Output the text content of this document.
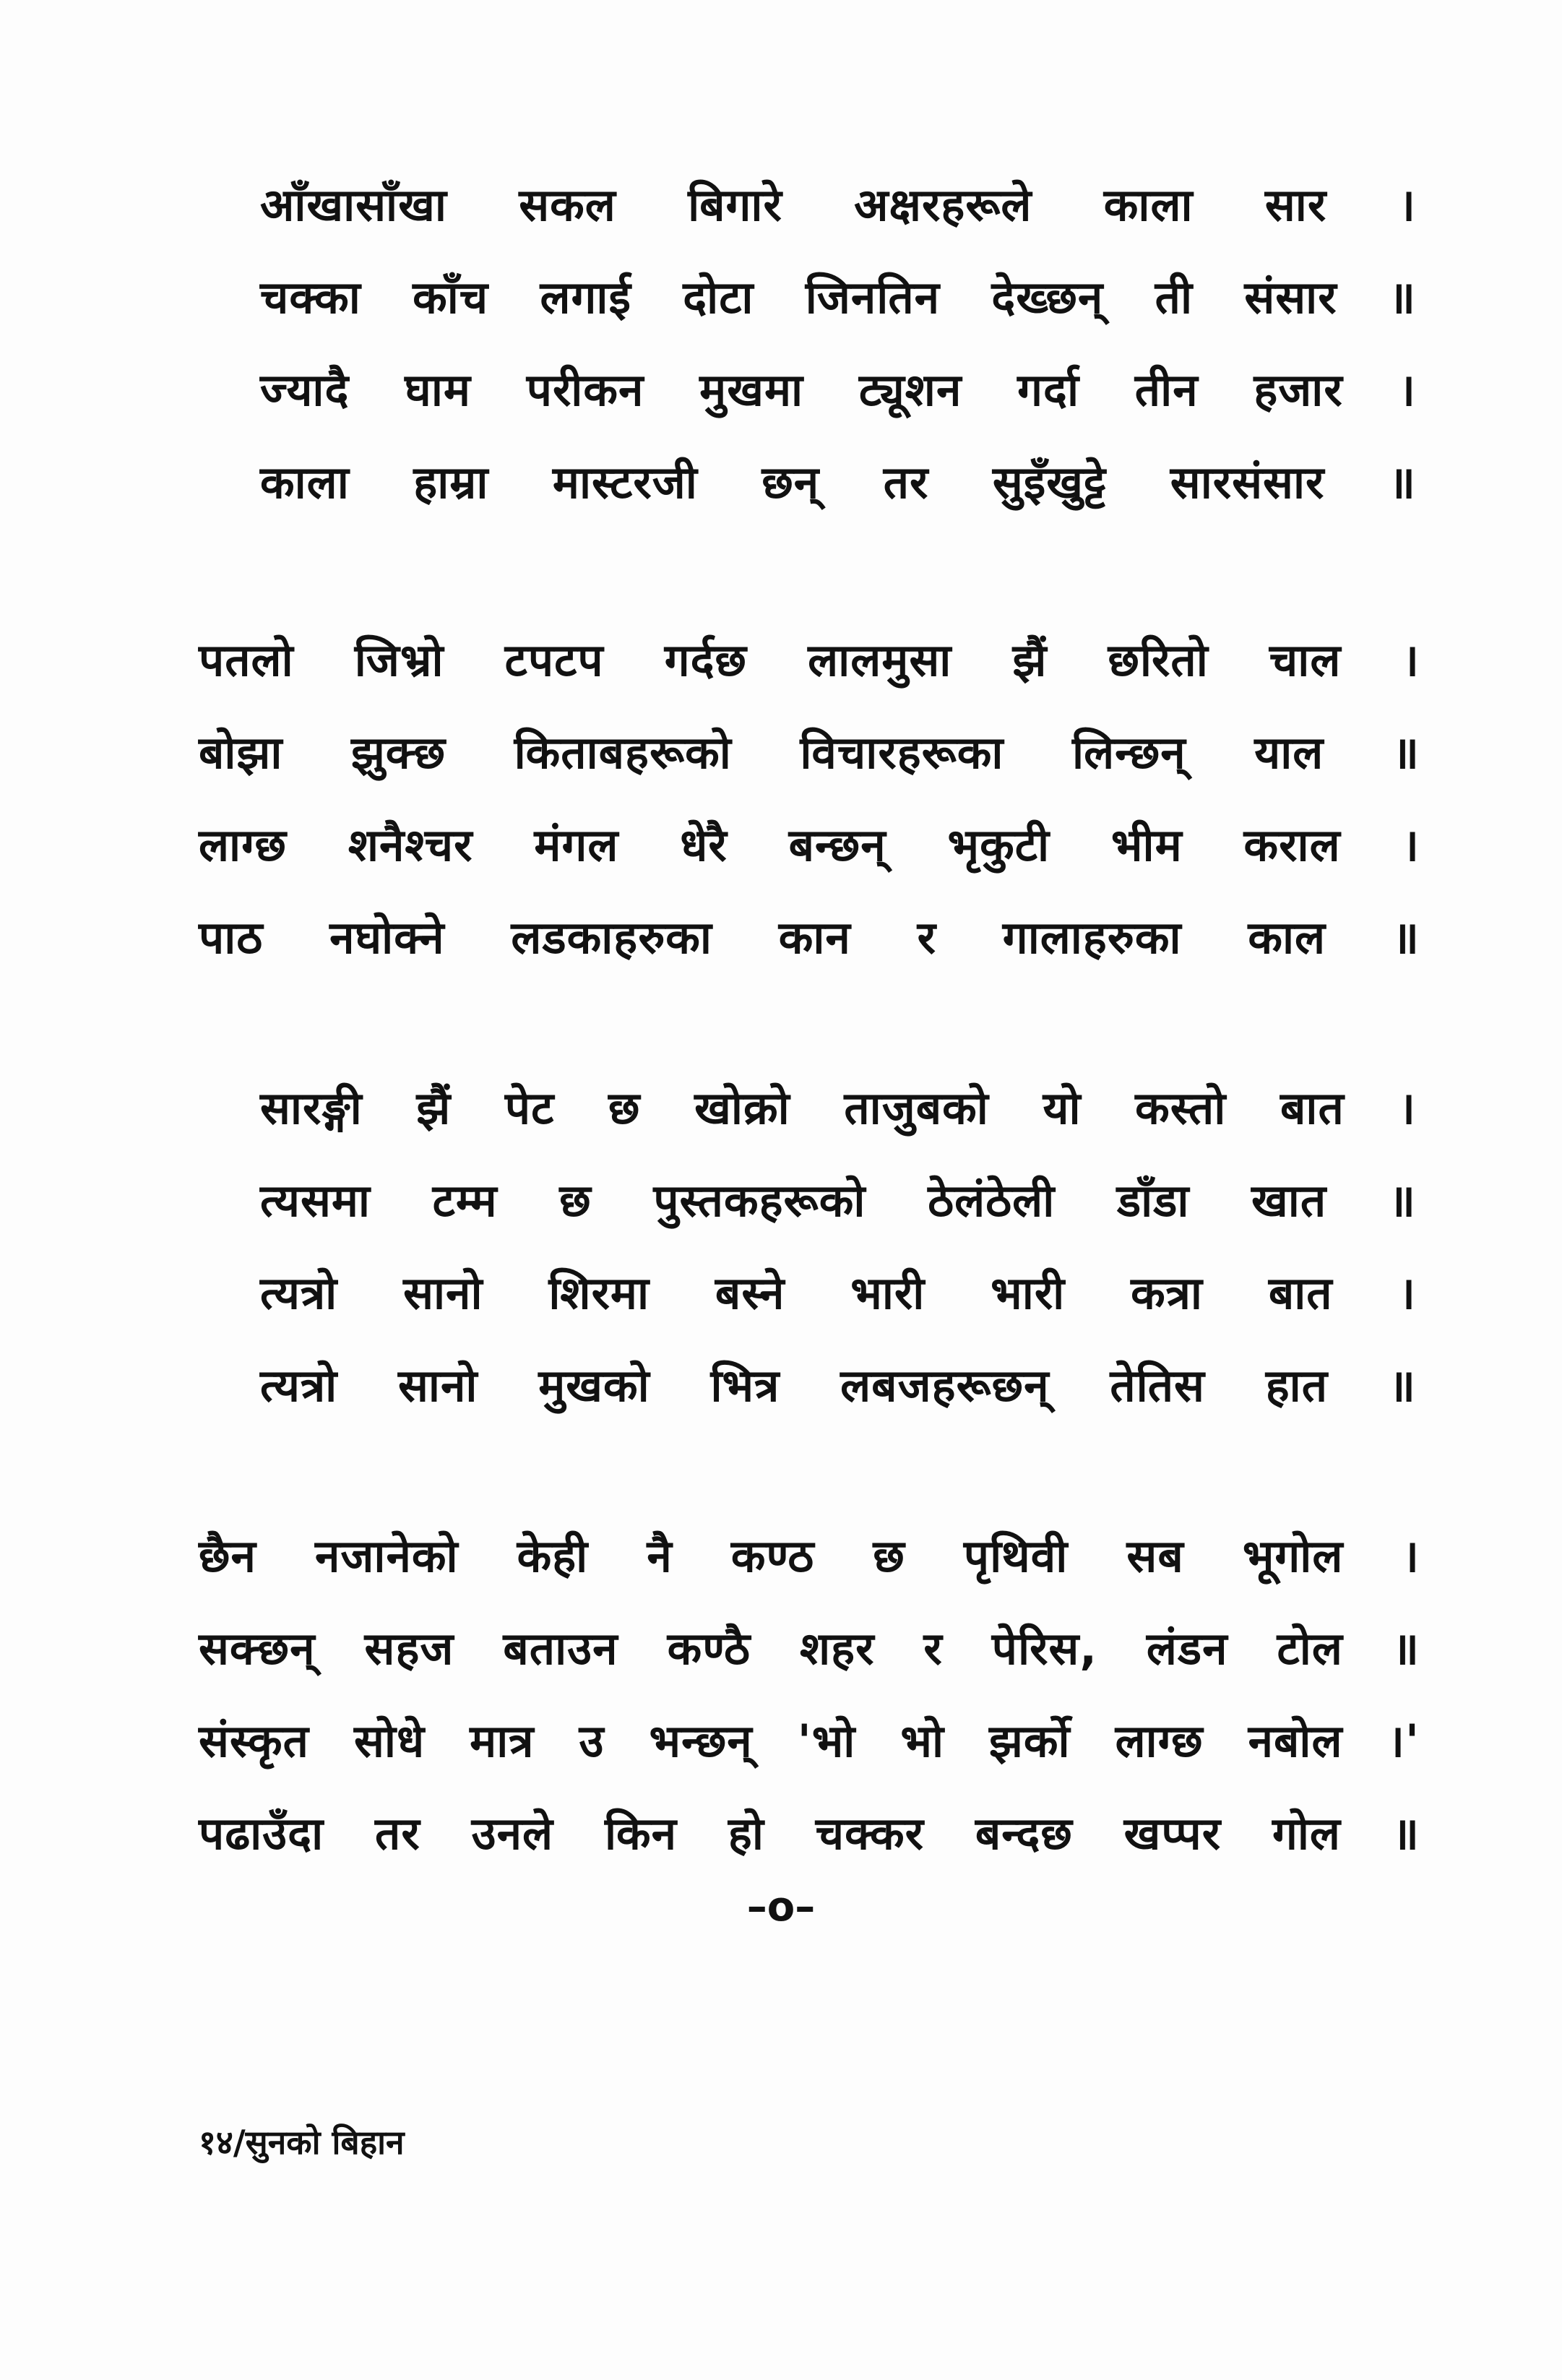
आँखासाँखा सकल बिगारे अक्षरहरूले काला सार ।
चक्का काँच लगाई दोटा जिनतिन देख्छन् ती संसार ॥
ज्यादै घाम परीकन मुखमा ट्यूशन गर्दा तीन हजार ।
काला हाम्रा मास्टरजी छन् तर सुइँखुट्टे सारसंसार ॥
पतलो जिभ्रो टपटप गर्दछ लालमुसा झैं छरितो चाल ।
बोझा झुक्छ किताबहरूको विचारहरूका लिन्छन् याल ॥
लाग्छ शनैश्चर मंगल धेरै बन्छन् भृकुटी भीम कराल ।
पाठ नघोक्ने लडकाहरुका कान र गालाहरुका काल ॥
सारङ्गी झैं पेट छ खोक्रो ताजुबको यो कस्तो बात ।
त्यसमा टम्म छ पुस्तकहरूको ठेलंठेली डाँडा खात ॥
त्यत्रो सानो शिरमा बस्ने भारी भारी कत्रा बात ।
त्यत्रो सानो मुखको भित्र लबजहरूछन् तेतिस हात ॥
छैन नजानेको केही नै कण्ठ छ पृथिवी सब भूगोल ।
सक्छन् सहज बताउन कण्ठै शहर र पेरिस, लंडन टोल ॥
संस्कृत सोधे मात्र उ भन्छन् 'भो भो झर्को लाग्छ नबोल ।'
पढाउँदा तर उनले किन हो चक्कर बन्दछ खप्पर गोल ॥
–o–
१४/सुनको बिहान
